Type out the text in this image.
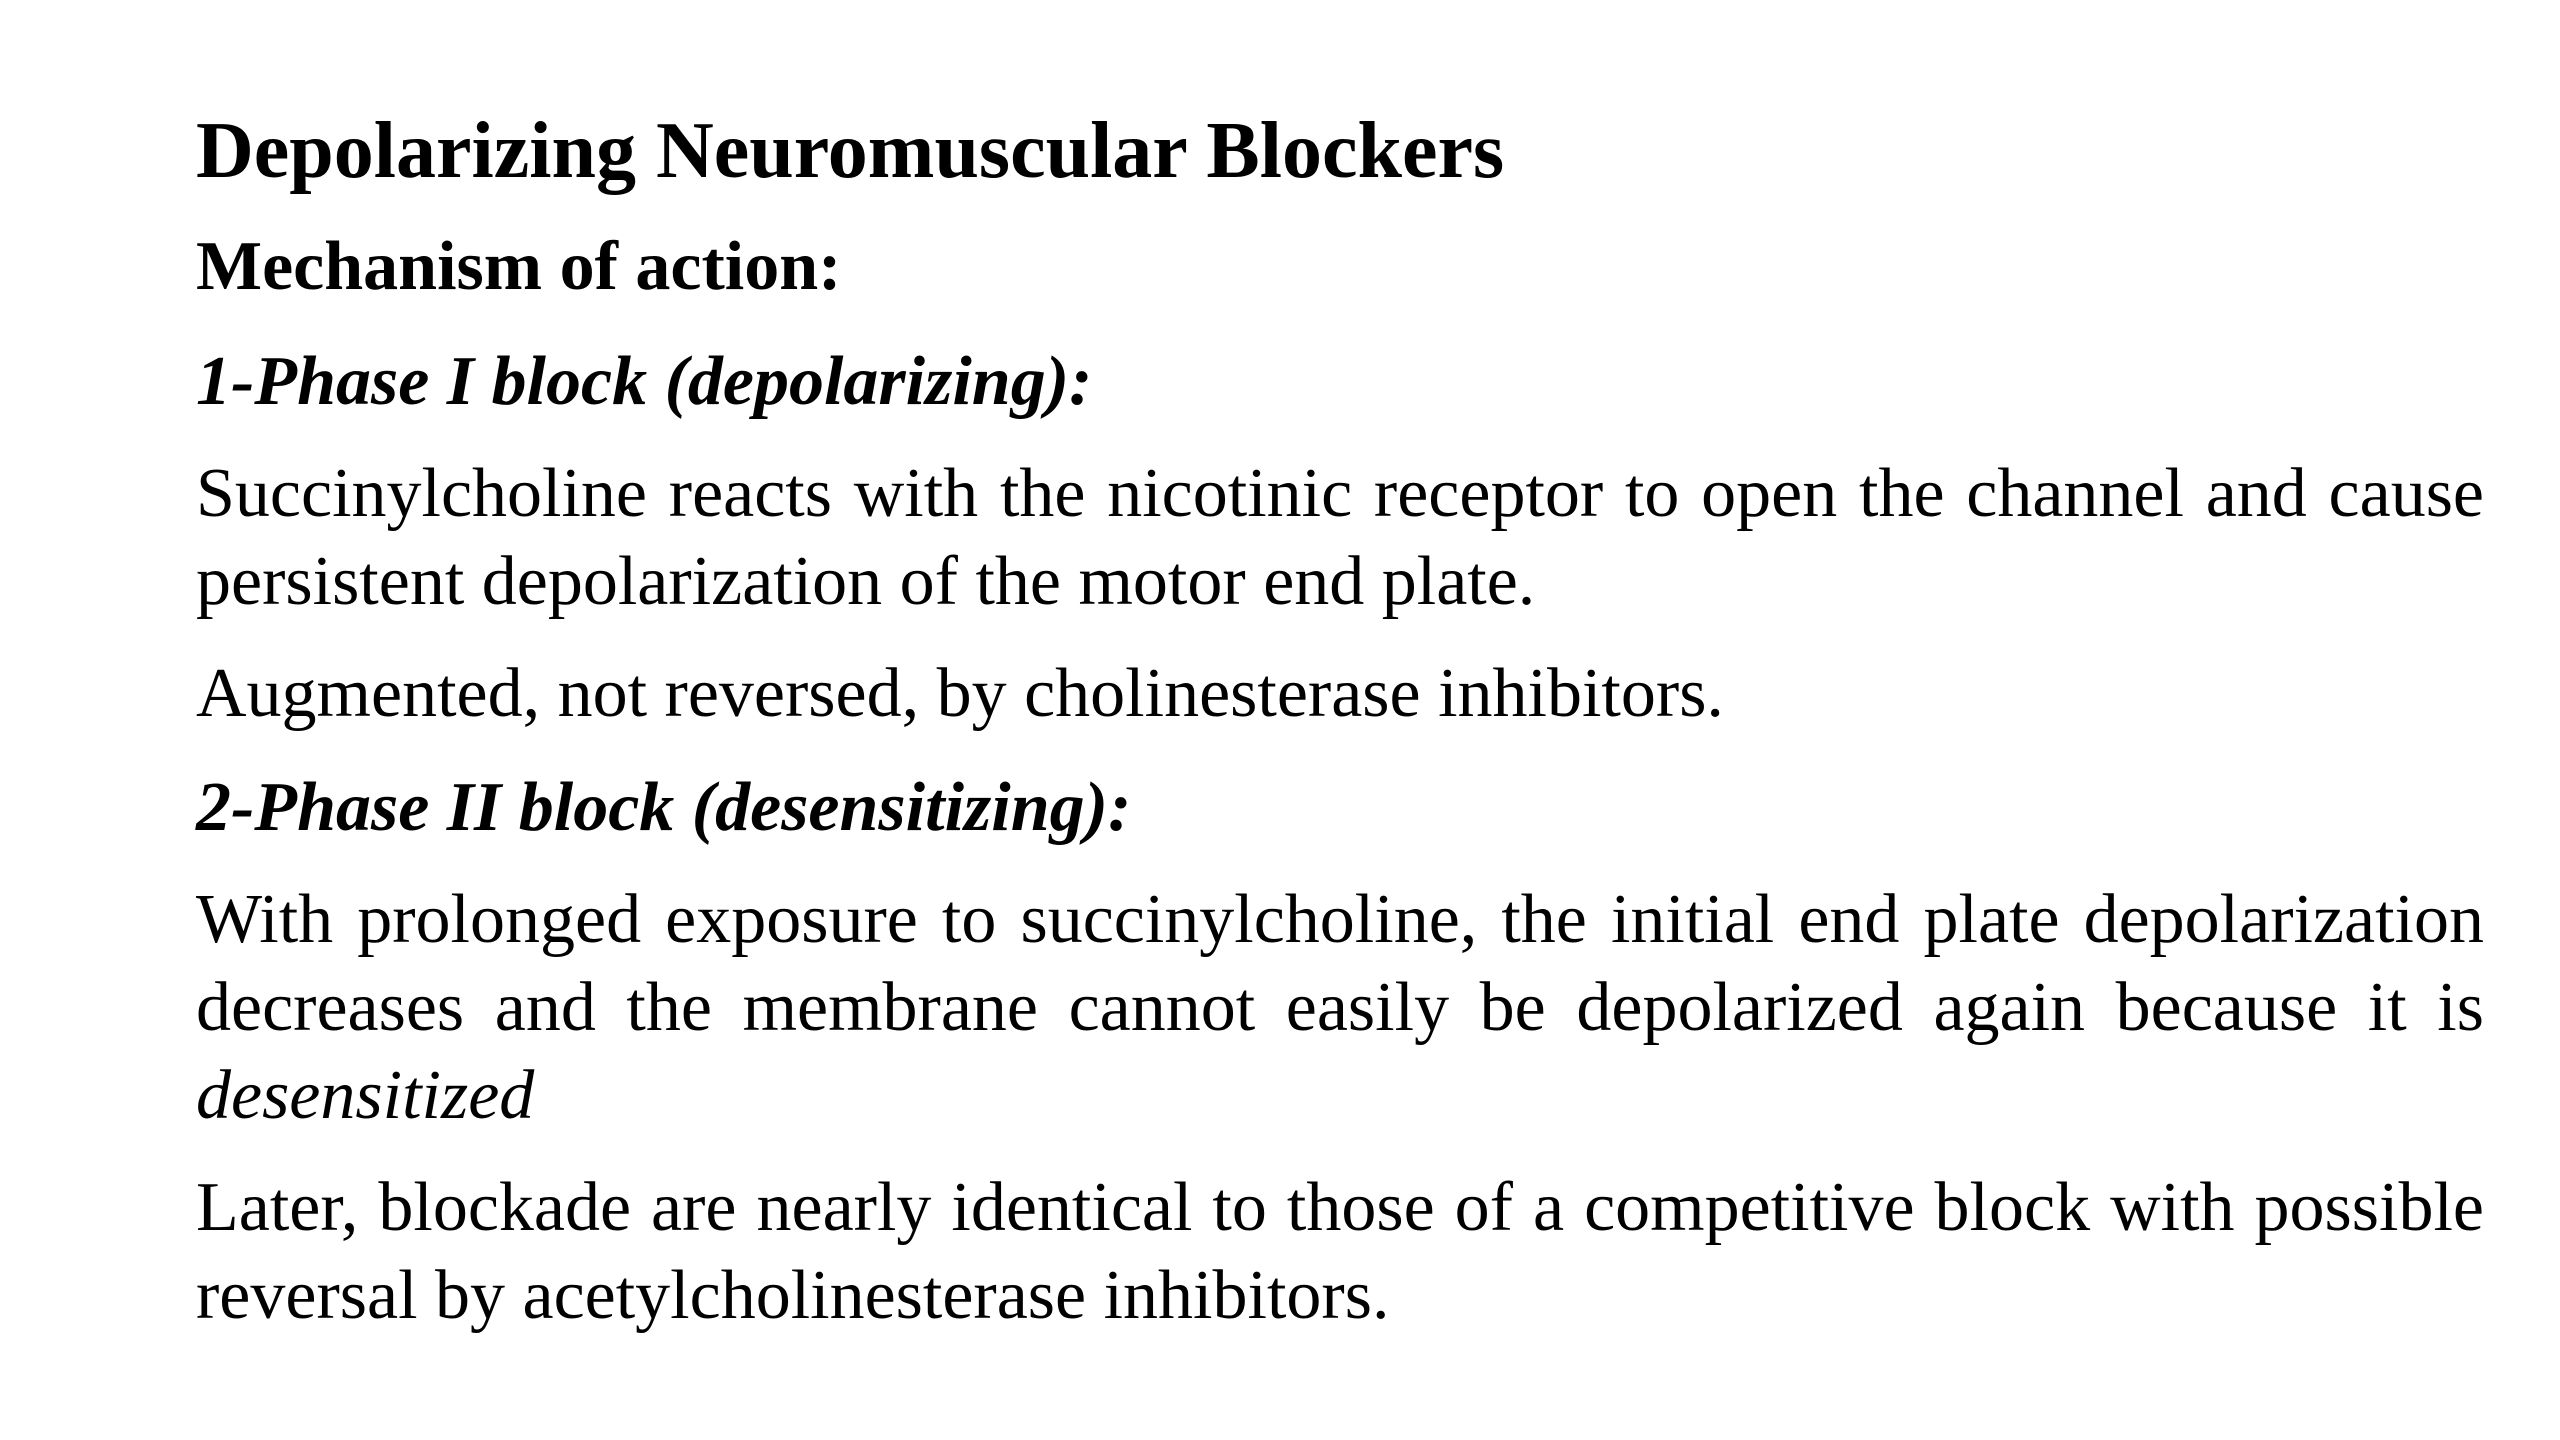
Depolarizing Neuromuscular Blockers
Mechanism of action:
1-Phase I block (depolarizing):

Succinylcholine reacts with the nicotinic receptor to open the channel and cause persistent depolarization of the motor end plate.

Augmented, not reversed, by cholinesterase inhibitors.

2-Phase II block (desensitizing):

With prolonged exposure to succinylcholine, the initial end plate depolarization decreases and the membrane cannot easily be depolarized again because it is desensitized

Later, blockade are nearly identical to those of a competitive block with possible reversal by acetylcholinesterase inhibitors.
